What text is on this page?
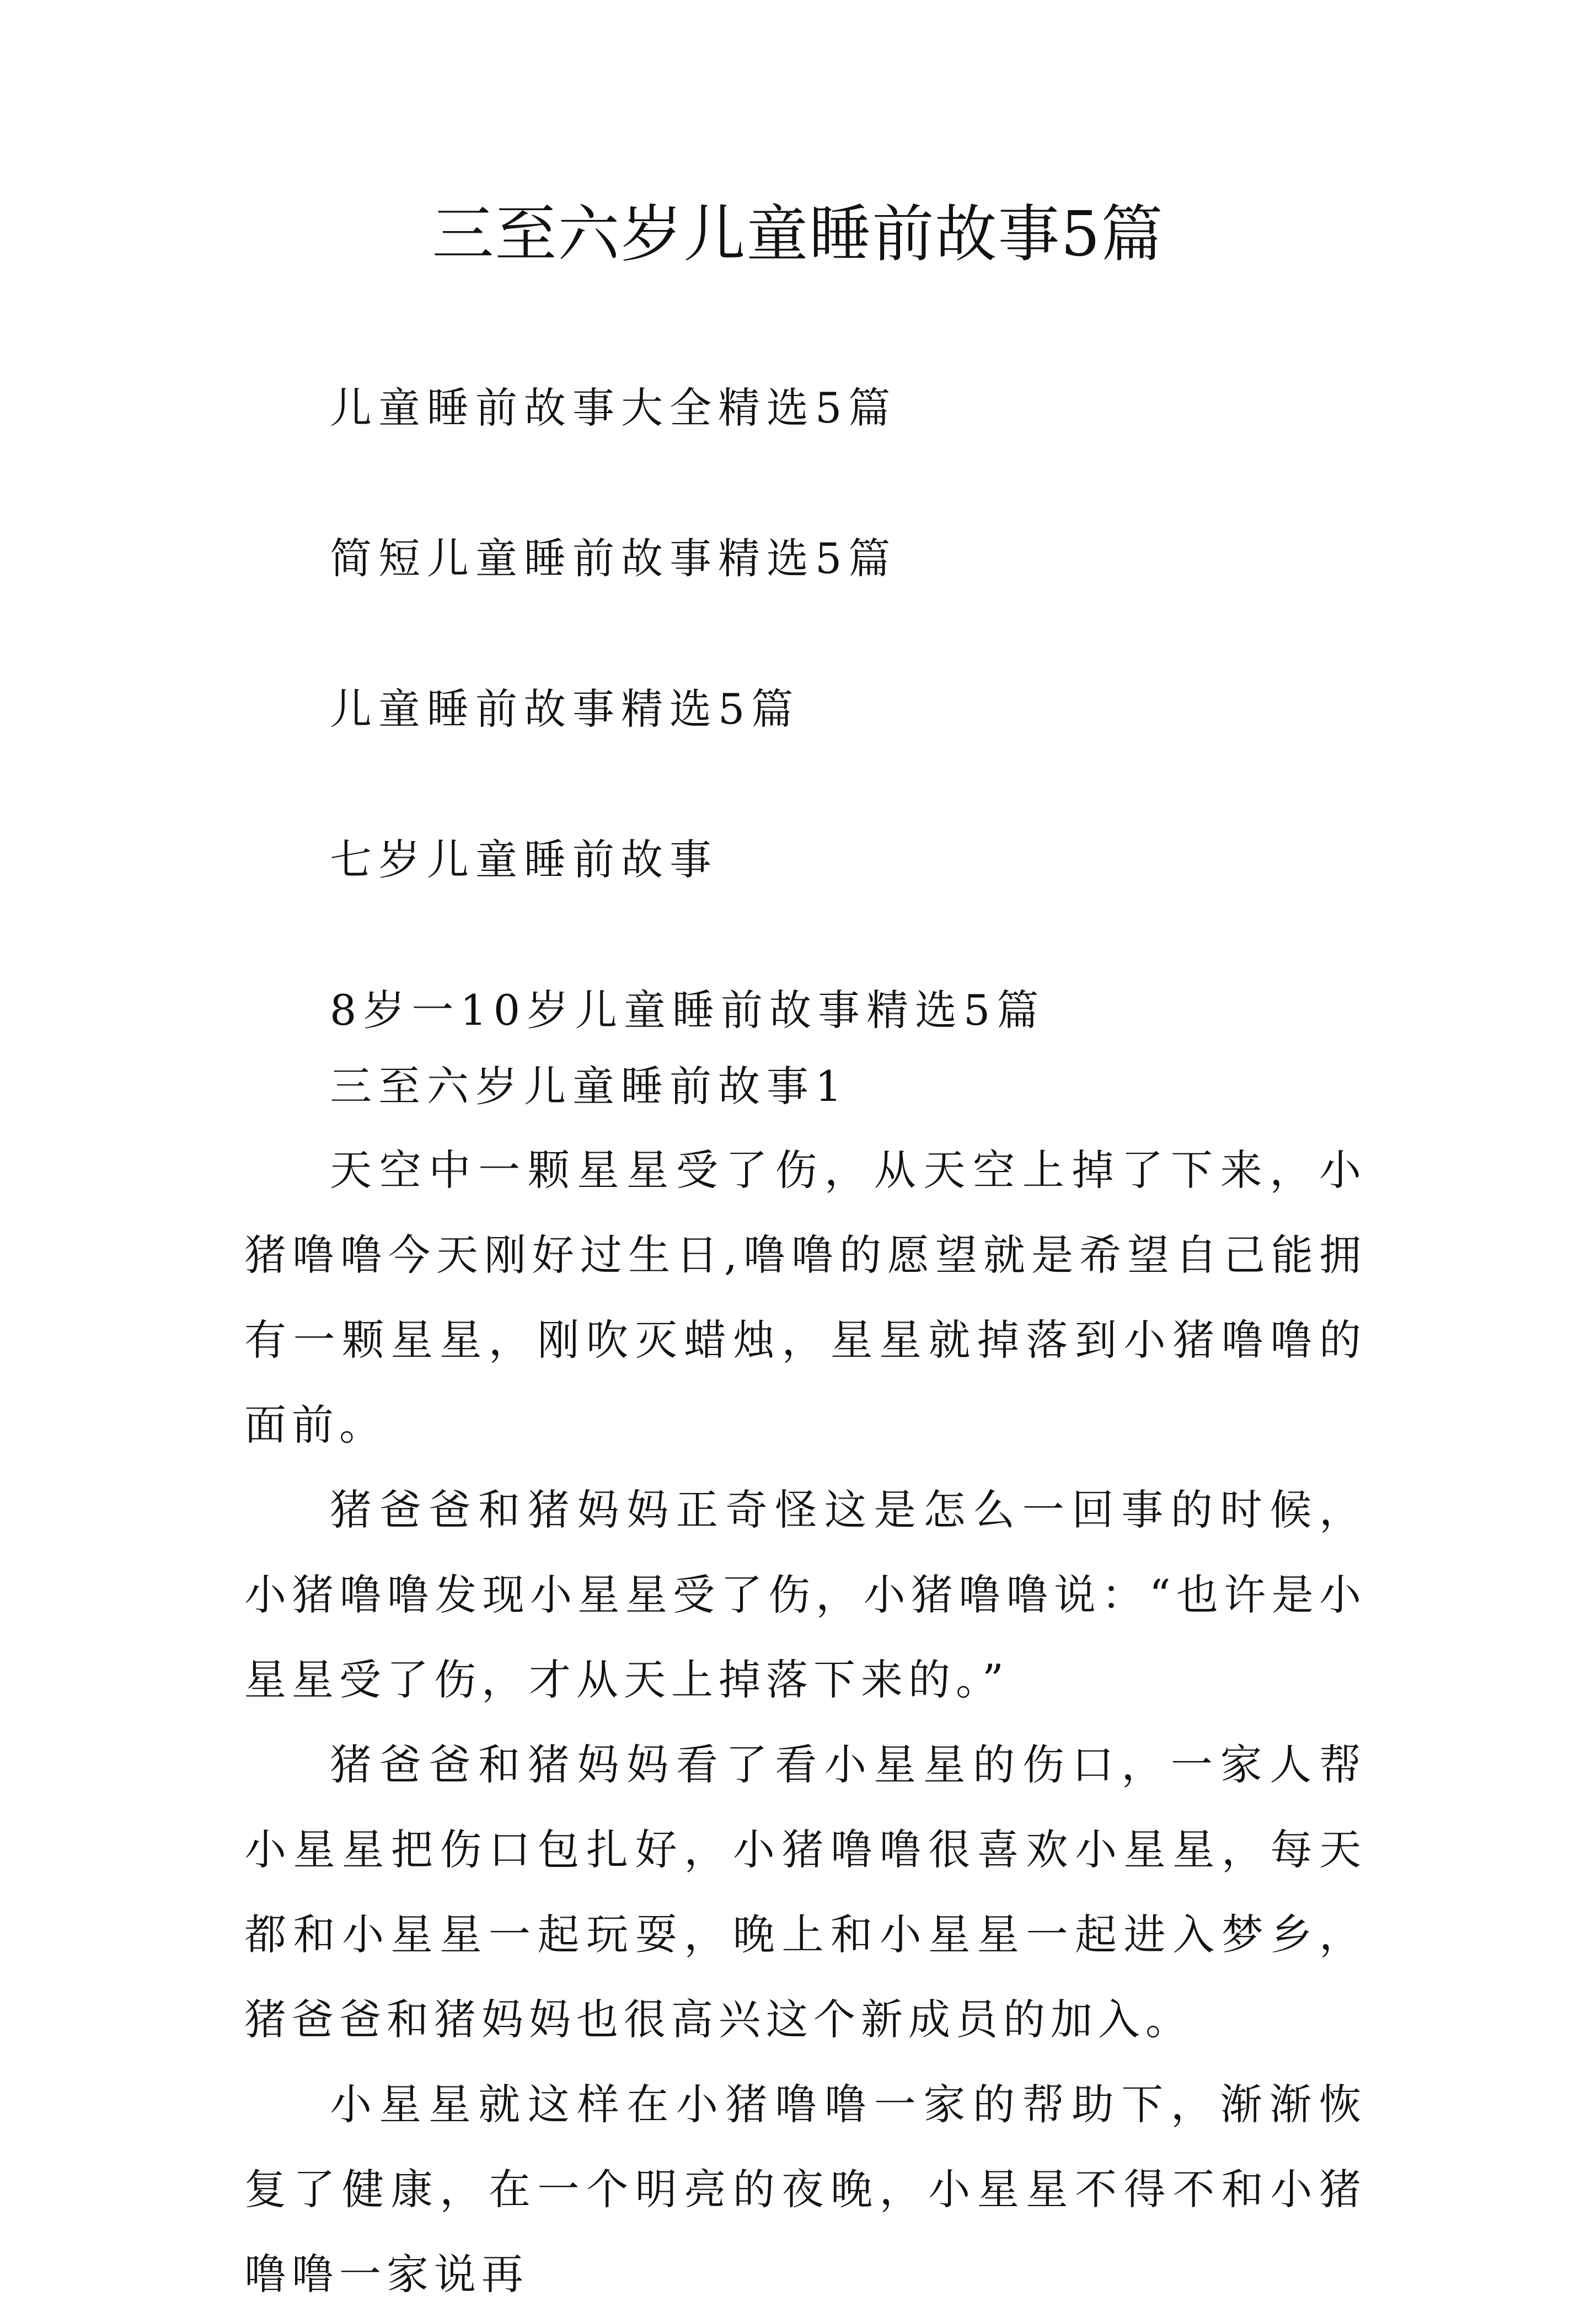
三至六岁儿童睡前故事5篇

儿童睡前故事大全精选5篇

简短儿童睡前故事精选5篇

儿童睡前故事精选5篇

七岁儿童睡前故事

8岁一10岁儿童睡前故事精选5篇

三至六岁儿童睡前故事1

天空中一颗星星受了伤，从天空上掉了下来，小猪噜噜今天刚好过生日,噜噜的愿望就是希望自己能拥有一颗星星，刚吹灭蜡烛，星星就掉落到小猪噜噜的面前。

猪爸爸和猪妈妈正奇怪这是怎么一回事的时候，小猪噜噜发现小星星受了伤，小猪噜噜说：“也许是小星星受了伤，才从天上掉落下来的。”

猪爸爸和猪妈妈看了看小星星的伤口，一家人帮小星星把伤口包扎好，小猪噜噜很喜欢小星星，每天都和小星星一起玩耍，晚上和小星星一起进入梦乡，猪爸爸和猪妈妈也很高兴这个新成员的加入。

小星星就这样在小猪噜噜一家的帮助下，渐渐恢复了健康，在一个明亮的夜晚，小星星不得不和小猪噜噜一家说再
